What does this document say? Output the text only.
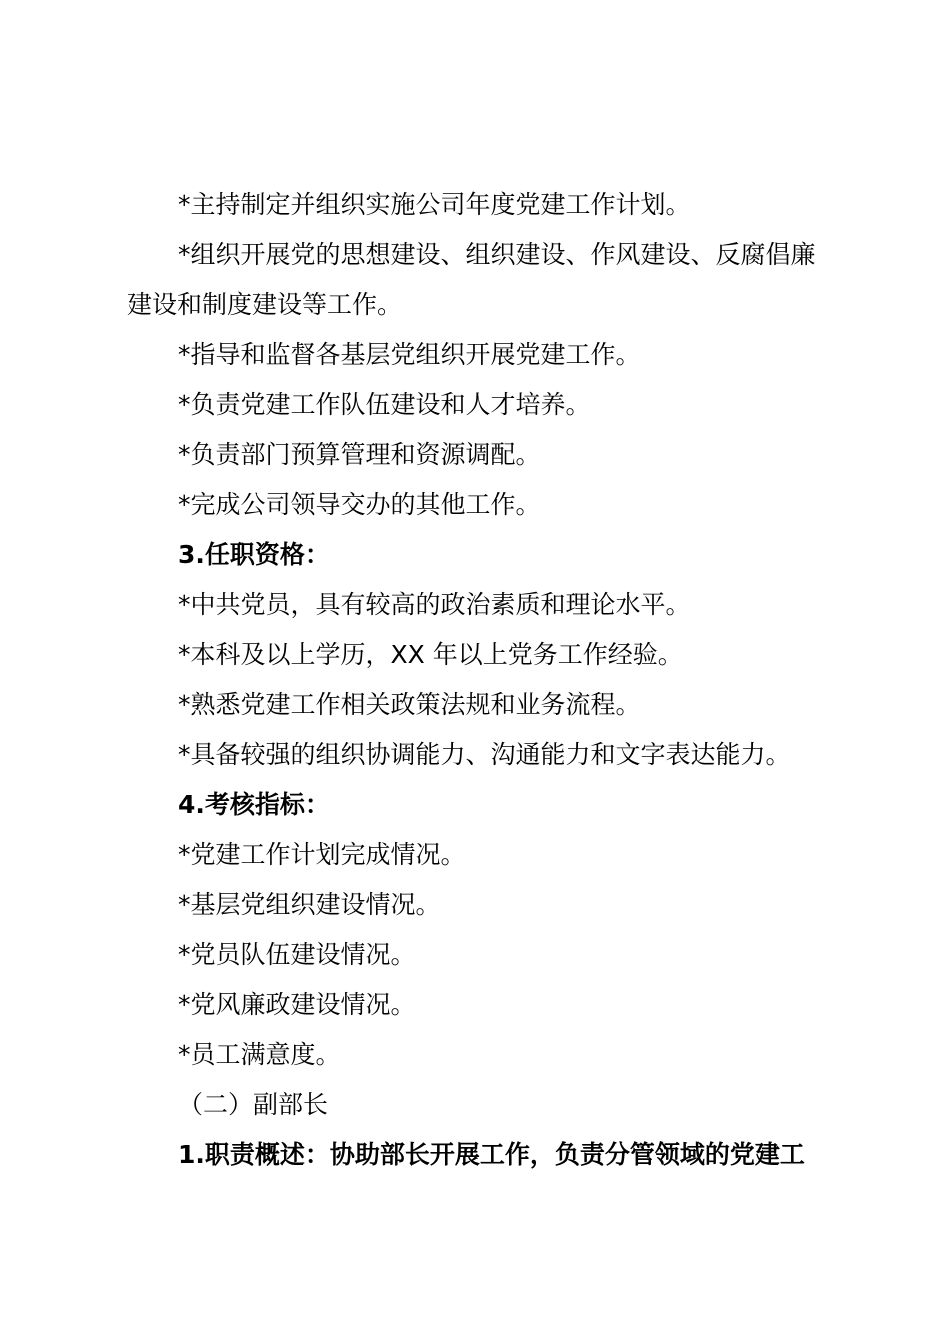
*主持制定并组织实施公司年度党建工作计划。
*组织开展党的思想建设、组织建设、作风建设、反腐倡廉
建设和制度建设等工作。
*指导和监督各基层党组织开展党建工作。
*负责党建工作队伍建设和人才培养。
*负责部门预算管理和资源调配。
*完成公司领导交办的其他工作。
3.任职资格：
*中共党员，具有较高的政治素质和理论水平。
*本科及以上学历，XX 年以上党务工作经验。
*熟悉党建工作相关政策法规和业务流程。
*具备较强的组织协调能力、沟通能力和文字表达能力。
4.考核指标：
*党建工作计划完成情况。
*基层党组织建设情况。
*党员队伍建设情况。
*党风廉政建设情况。
*员工满意度。
（二）副部长
1.职责概述：协助部长开展工作，负责分管领域的党建工
